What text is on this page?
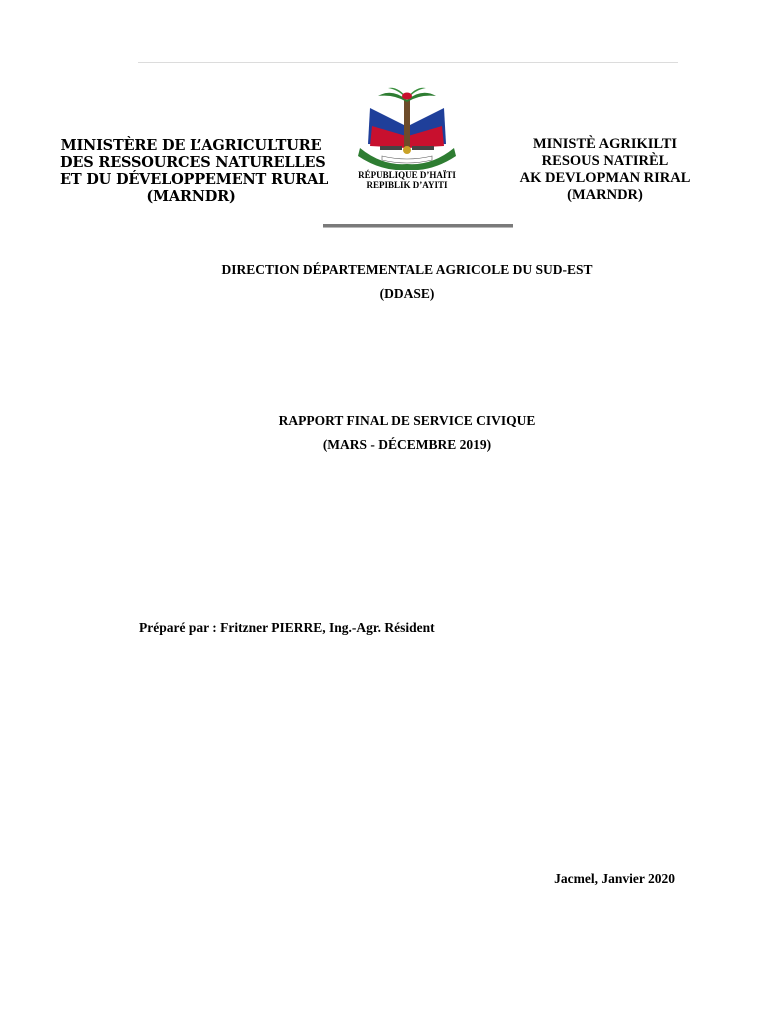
MINISTÈRE DE L’AGRICULTURE
DES RESSOURCES NATURELLES
ET DU DÉVELOPPEMENT RURAL
(MARNDR)
RÉPUBLIQUE D’HAÏTI
REPIBLIK D’AYITI
MINISTÈ AGRIKILTI
RESOUS NATIRÈL
AK DEVLOPMAN RIRAL
(MARNDR)
DIRECTION DÉPARTEMENTALE AGRICOLE DU SUD-EST
(DDASE)
RAPPORT FINAL DE SERVICE CIVIQUE
(MARS - DÉCEMBRE 2019)
Préparé par : Fritzner PIERRE, Ing.-Agr. Résident
Jacmel, Janvier 2020
